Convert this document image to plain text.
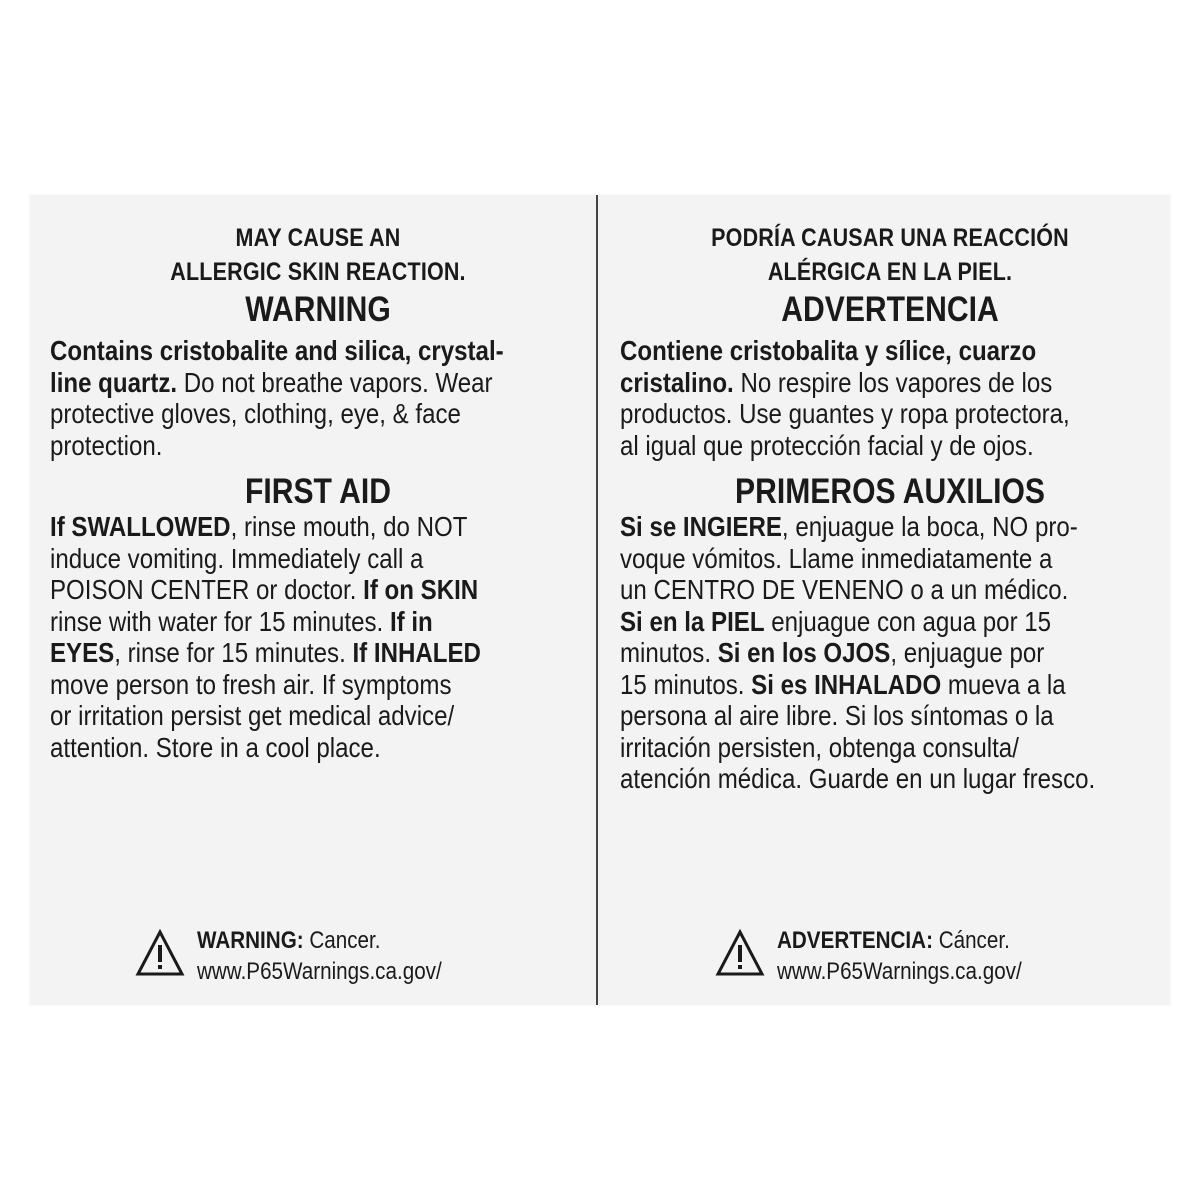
MAY CAUSE AN
ALLERGIC SKIN REACTION.
WARNING
Contains cristobalite and silica, crystal-
line quartz. Do not breathe vapors. Wear
protective gloves, clothing, eye, & face
protection.
FIRST AID
If SWALLOWED, rinse mouth, do NOT
induce vomiting. Immediately call a
POISON CENTER or doctor. If on SKIN
rinse with water for 15 minutes. If in
EYES, rinse for 15 minutes. If INHALED
move person to fresh air. If symptoms
or irritation persist get medical advice/
attention. Store in a cool place.
WARNING: Cancer.
www.P65Warnings.ca.gov/
PODRÍA CAUSAR UNA REACCIÓN
ALÉRGICA EN LA PIEL.
ADVERTENCIA
Contiene cristobalita y sílice, cuarzo
cristalino. No respire los vapores de los
productos. Use guantes y ropa protectora,
al igual que protección facial y de ojos.
PRIMEROS AUXILIOS
Si se INGIERE, enjuague la boca, NO pro-
voque vómitos. Llame inmediatamente a
un CENTRO DE VENENO o a un médico.
Si en la PIEL enjuague con agua por 15
minutos. Si en los OJOS, enjuague por
15 minutos. Si es INHALADO mueva a la
persona al aire libre. Si los síntomas o la
irritación persisten, obtenga consulta/
atención médica. Guarde en un lugar fresco.
ADVERTENCIA: Cáncer.
www.P65Warnings.ca.gov/
